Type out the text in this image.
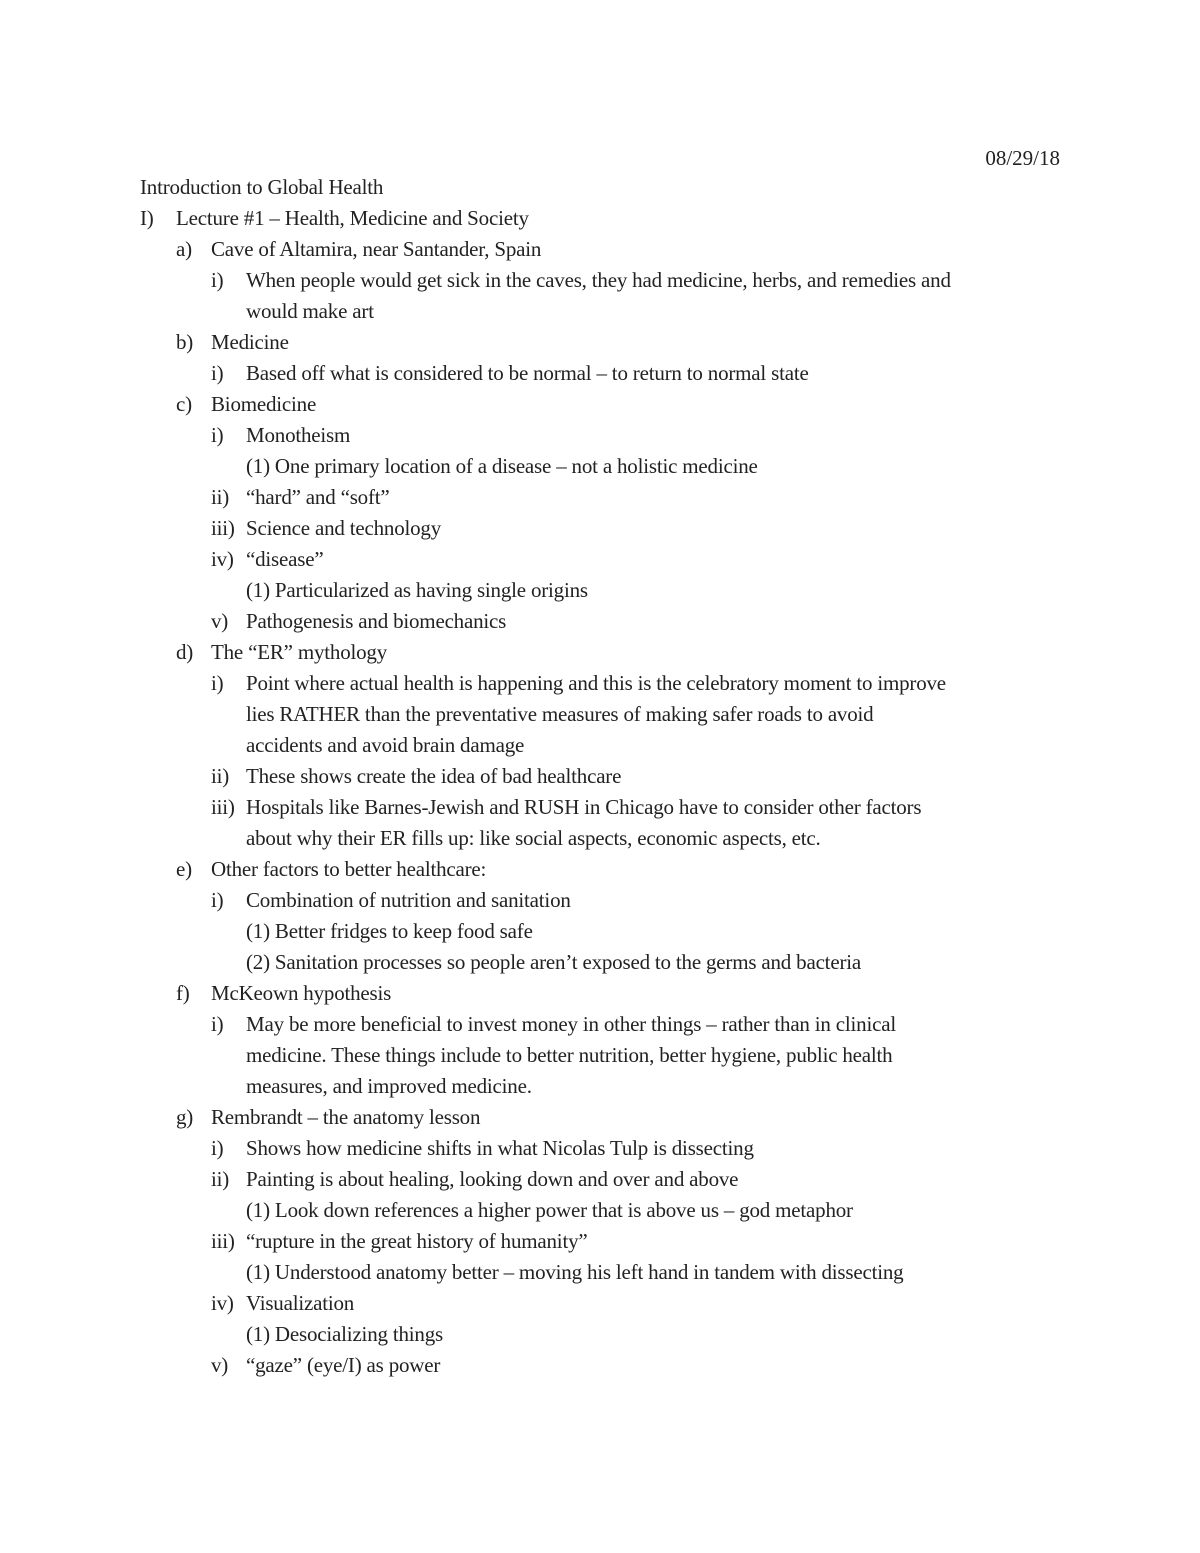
08/29/18
Introduction to Global Health
I) Lecture #1 – Health, Medicine and Society
a) Cave of Altamira, near Santander, Spain
i) When people would get sick in the caves, they had medicine, herbs, and remedies and
would make art
b) Medicine
i) Based off what is considered to be normal – to return to normal state
c) Biomedicine
i) Monotheism
(1) One primary location of a disease – not a holistic medicine
ii) “hard” and “soft”
iii) Science and technology
iv) “disease”
(1) Particularized as having single origins
v) Pathogenesis and biomechanics
d) The “ER” mythology
i) Point where actual health is happening and this is the celebratory moment to improve
lies RATHER than the preventative measures of making safer roads to avoid
accidents and avoid brain damage
ii) These shows create the idea of bad healthcare
iii) Hospitals like Barnes-Jewish and RUSH in Chicago have to consider other factors
about why their ER fills up: like social aspects, economic aspects, etc.
e) Other factors to better healthcare:
i) Combination of nutrition and sanitation
(1) Better fridges to keep food safe
(2) Sanitation processes so people aren’t exposed to the germs and bacteria
f) McKeown hypothesis
i) May be more beneficial to invest money in other things – rather than in clinical
medicine. These things include to better nutrition, better hygiene, public health
measures, and improved medicine.
g) Rembrandt – the anatomy lesson
i) Shows how medicine shifts in what Nicolas Tulp is dissecting
ii) Painting is about healing, looking down and over and above
(1) Look down references a higher power that is above us – god metaphor
iii) “rupture in the great history of humanity”
(1) Understood anatomy better – moving his left hand in tandem with dissecting
iv) Visualization
(1) Desocializing things
v) “gaze” (eye/I) as power
